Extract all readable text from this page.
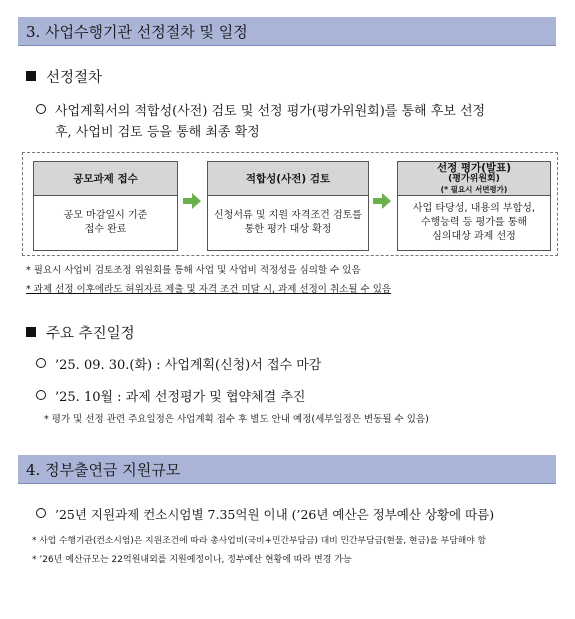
3. 사업수행기관 선정절차 및 일정
선정절차
사업계획서의 적합성(사전) 검토 및 선정 평가(평가위원회)를 통해 후보 선정
후, 사업비 검토 등을 통해 최종 확정
공모과제 접수
공모 마감일시 기준
접수 완료
적합성(사전) 검토
신청서류 및 지원 자격조건 검토를
통한 평가 대상 확정
선정 평가(발표)
(평가위원회)
(* 필요시 서면평가)
사업 타당성, 내용의 부합성,
수행능력 등 평가를 통해
심의대상 과제 선정
* 필요시 사업비 검토조정 위원회를 통해 사업 및 사업비 적정성을 심의할 수 있음
* 과제 선정 이후에라도 허위자료 제출 및 자격 조건 미달 시, 과제 선정이 취소될 수 있음
주요 추진일정
’25. 09. 30.(화) : 사업계획(신청)서 접수 마감
’25. 10월 : 과제 선정평가 및 협약체결 추진
* 평가 및 선정 관련 주요일정은 사업계획 접수 후 별도 안내 예정(세부일정은 변동될 수 있음)
4. 정부출연금 지원규모
’25년 지원과제 컨소시엄별 7.35억원 이내 (’26년 예산은 정부예산 상황에 따름)
* 사업 수행기관(컨소시엄)은 지원조건에 따라 총사업비(국비+민간부담금) 대비 민간부담금(현물, 현금)을 부담해야 함
* ’26년 예산규모는 22억원내외를 지원예정이나, 정부예산 현황에 따라 변경 가능
